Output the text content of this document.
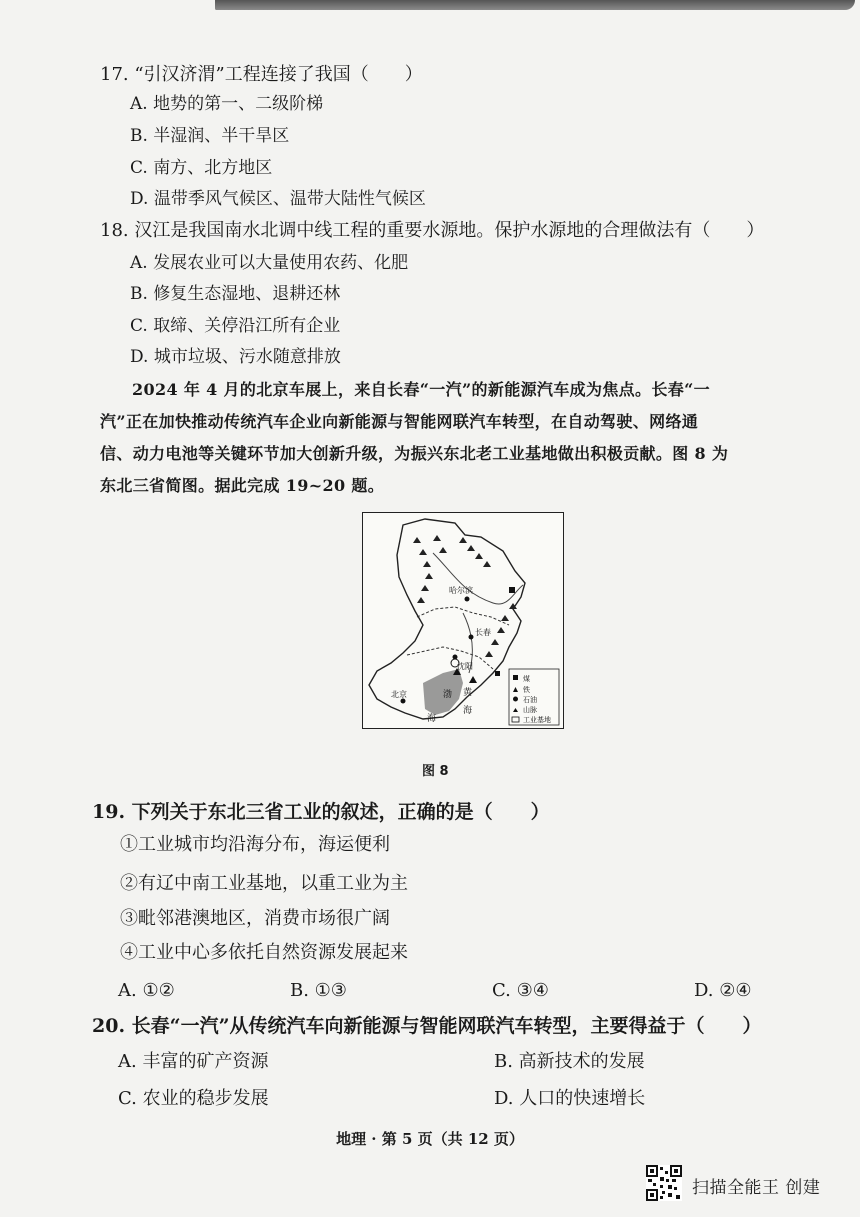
17. “引汉济渭”工程连接了我国（　　）
A. 地势的第一、二级阶梯
B. 半湿润、半干旱区
C. 南方、北方地区
D. 温带季风气候区、温带大陆性气候区
18. 汉江是我国南水北调中线工程的重要水源地。保护水源地的合理做法有（　　）
A. 发展农业可以大量使用农药、化肥
B. 修复生态湿地、退耕还林
C. 取缔、关停沿江所有企业
D. 城市垃圾、污水随意排放
2024 年 4 月的北京车展上，来自长春“一汽”的新能源汽车成为焦点。长春“一
汽”正在加快推动传统汽车企业向新能源与智能网联汽车转型，在自动驾驶、网络通
信、动力电池等关键环节加大创新升级，为振兴东北老工业基地做出积极贡献。图 8 为
东北三省简图。据此完成 19~20 题。
哈尔滨
长春
沈阳
北京	渤
海
黄
海
煤
铁
石油
山脉
工业基地
图 8
19. 下列关于东北三省工业的叙述，正确的是（　　）
①工业城市均沿海分布，海运便利
②有辽中南工业基地，以重工业为主
③毗邻港澳地区，消费市场很广阔
④工业中心多依托自然资源发展起来
A. ①②	B. ①③	C. ③④	D. ②④
20. 长春“一汽”从传统汽车向新能源与智能网联汽车转型，主要得益于（　　）
A. 丰富的矿产资源	B. 高新技术的发展
C. 农业的稳步发展	D. 人口的快速增长
地理 · 第 5 页（共 12 页）
扫描全能王 创建
